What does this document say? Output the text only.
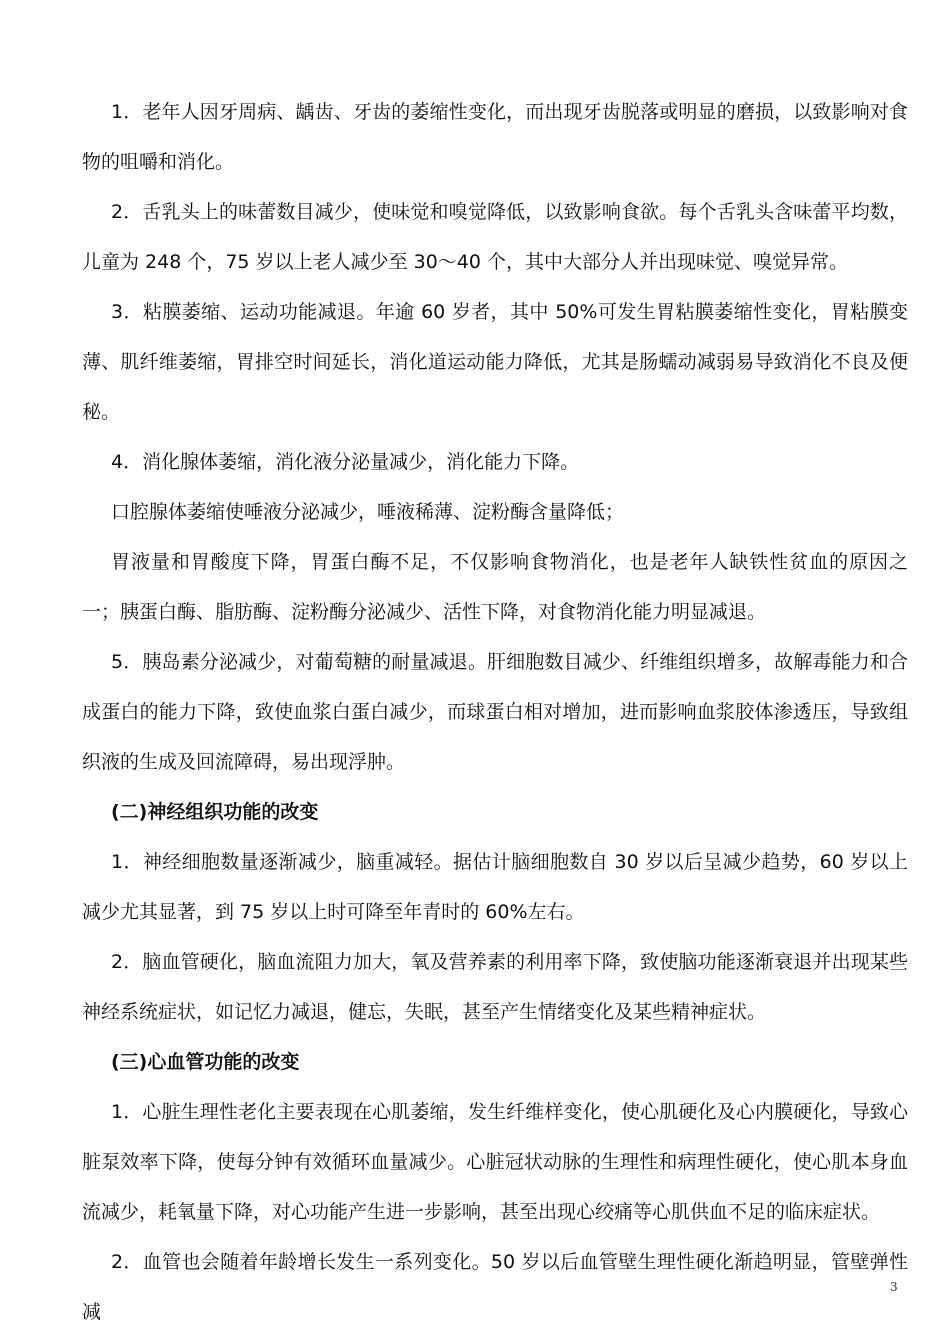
1．老年人因牙周病、龋齿、牙齿的萎缩性变化，而出现牙齿脱落或明显的磨损，以致影响对食物的咀嚼和消化。

2．舌乳头上的味蕾数目减少，使味觉和嗅觉降低，以致影响食欲。每个舌乳头含味蕾平均数，儿童为 248 个，75 岁以上老人减少至 30～40 个，其中大部分人并出现味觉、嗅觉异常。

3．粘膜萎缩、运动功能减退。年逾 60 岁者，其中 50%可发生胃粘膜萎缩性变化，胃粘膜变薄、肌纤维萎缩，胃排空时间延长，消化道运动能力降低，尤其是肠蠕动减弱易导致消化不良及便秘。

4．消化腺体萎缩，消化液分泌量减少，消化能力下降。

口腔腺体萎缩使唾液分泌减少，唾液稀薄、淀粉酶含量降低；

胃液量和胃酸度下降，胃蛋白酶不足，不仅影响食物消化，也是老年人缺铁性贫血的原因之一；胰蛋白酶、脂肪酶、淀粉酶分泌减少、活性下降，对食物消化能力明显减退。

5．胰岛素分泌减少，对葡萄糖的耐量减退。肝细胞数目减少、纤维组织增多，故解毒能力和合成蛋白的能力下降，致使血浆白蛋白减少，而球蛋白相对增加，进而影响血浆胶体渗透压，导致组织液的生成及回流障碍，易出现浮肿。

(二)神经组织功能的改变

1．神经细胞数量逐渐减少，脑重减轻。据估计脑细胞数自 30 岁以后呈减少趋势，60 岁以上减少尤其显著，到 75 岁以上时可降至年青时的 60%左右。

2．脑血管硬化，脑血流阻力加大，氧及营养素的利用率下降，致使脑功能逐渐衰退并出现某些神经系统症状，如记忆力减退，健忘，失眠，甚至产生情绪变化及某些精神症状。

(三)心血管功能的改变

1．心脏生理性老化主要表现在心肌萎缩，发生纤维样变化，使心肌硬化及心内膜硬化，导致心脏泵效率下降，使每分钟有效循环血量减少。心脏冠状动脉的生理性和病理性硬化，使心肌本身血流减少，耗氧量下降，对心功能产生进一步影响，甚至出现心绞痛等心肌供血不足的临床症状。

2．血管也会随着年龄增长发生一系列变化。50 岁以后血管壁生理性硬化渐趋明显，管壁弹性减

3
